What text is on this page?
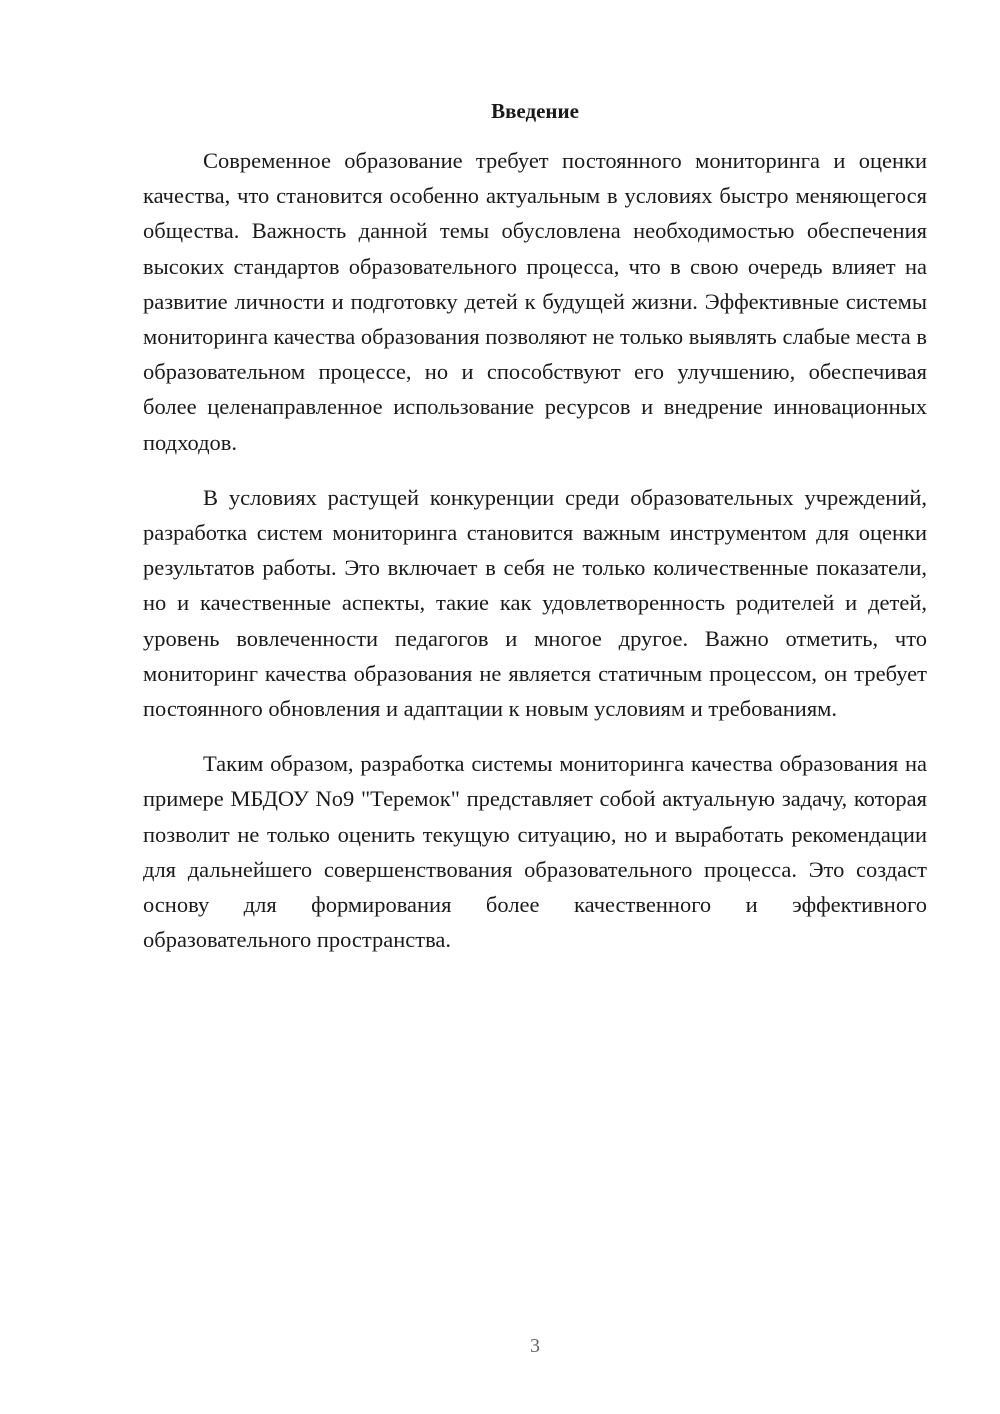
Введение

Современное образование требует постоянного мониторинга и оценки качества, что становится особенно актуальным в условиях быстро меняющегося общества. Важность данной темы обусловлена необходимостью обеспечения высоких стандартов образовательного процесса, что в свою очередь влияет на развитие личности и подготовку детей к будущей жизни. Эффективные системы мониторинга качества образования позволяют не только выявлять слабые места в образовательном процессе, но и способствуют его улучшению, обеспечивая более целенаправленное использование ресурсов и внедрение инновационных подходов.

В условиях растущей конкуренции среди образовательных учреждений, разработка систем мониторинга становится важным инструментом для оценки результатов работы. Это включает в себя не только количественные показатели, но и качественные аспекты, такие как удовлетворенность родителей и детей, уровень вовлеченности педагогов и многое другое. Важно отметить, что мониторинг качества образования не является статичным процессом, он требует постоянного обновления и адаптации к новым условиям и требованиям.

Таким образом, разработка системы мониторинга качества образования на примере МБДОУ No9 "Теремок" представляет собой актуальную задачу, которая позволит не только оценить текущую ситуацию, но и выработать рекомендации для дальнейшего совершенствования образовательного процесса. Это создаст основу для формирования более качественного и эффективного образовательного пространства.

3
